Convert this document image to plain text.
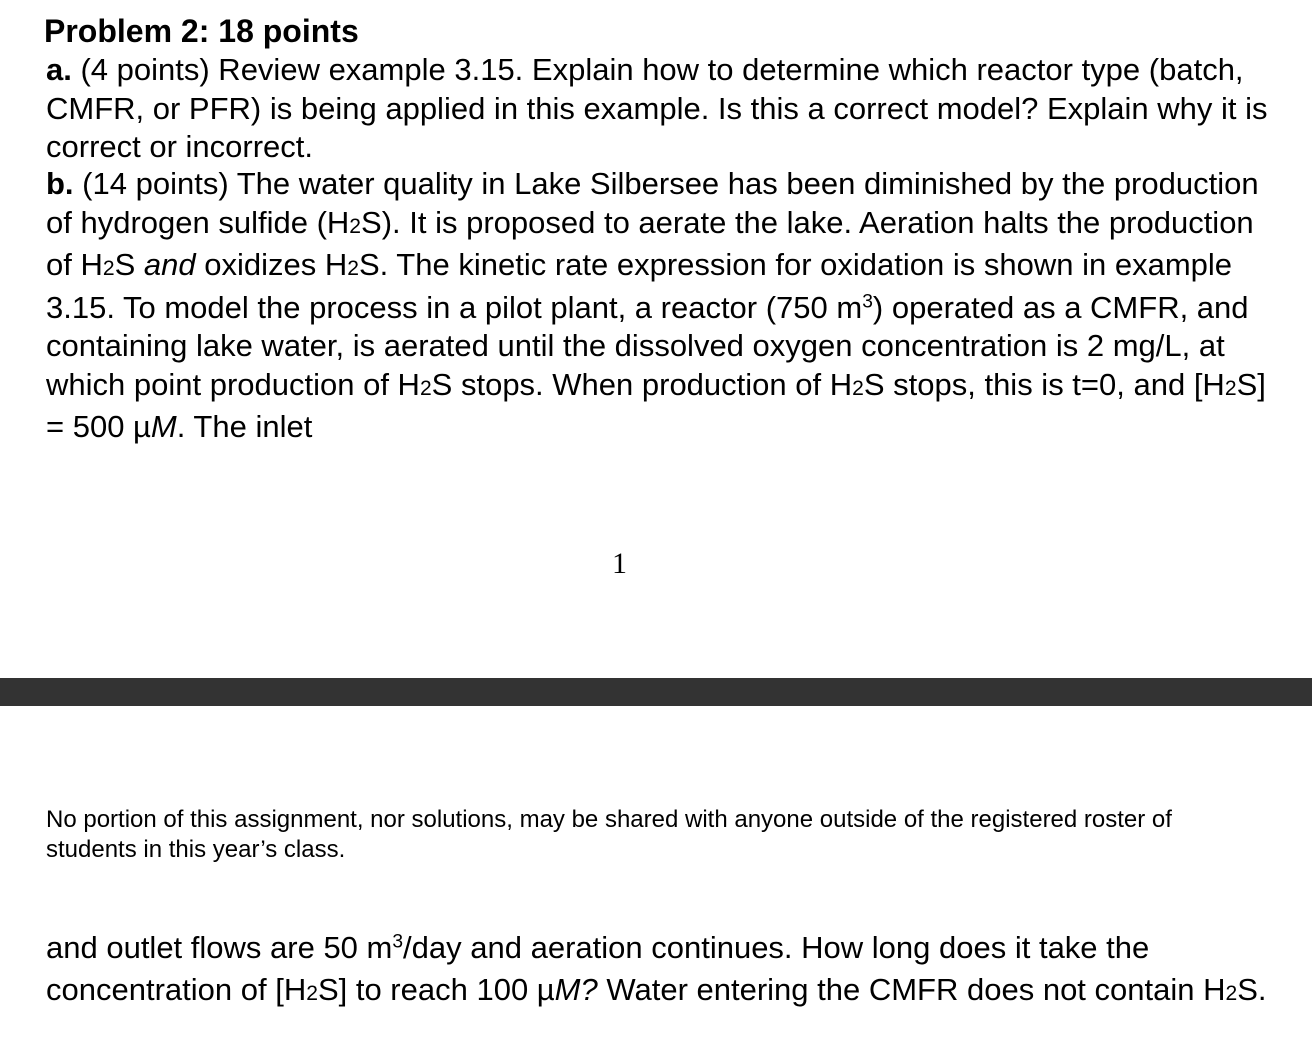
Problem 2: 18 points

a. (4 points) Review example 3.15. Explain how to determine which reactor type (batch, CMFR, or PFR) is being applied in this example. Is this a correct model? Explain why it is correct or incorrect.

b. (14 points) The water quality in Lake Silbersee has been diminished by the production of hydrogen sulfide (H2S). It is proposed to aerate the lake. Aeration halts the production of H2S and oxidizes H2S. The kinetic rate expression for oxidation is shown in example 3.15. To model the process in a pilot plant, a reactor (750 $m^3$) operated as a CMFR, and containing lake water, is aerated until the dissolved oxygen concentration is 2 mg/L, at which point production of H2S stops. When production of H2S stops, this is t=0, and [H2S] = 500 µM. The inlet

1

No portion of this assignment, nor solutions, may be shared with anyone outside of the registered roster of students in this year’s class.

and outlet flows are 50 $m^3$/day and aeration continues. How long does it take the concentration of [H2S] to reach 100 µM? Water entering the CMFR does not contain H2S.
